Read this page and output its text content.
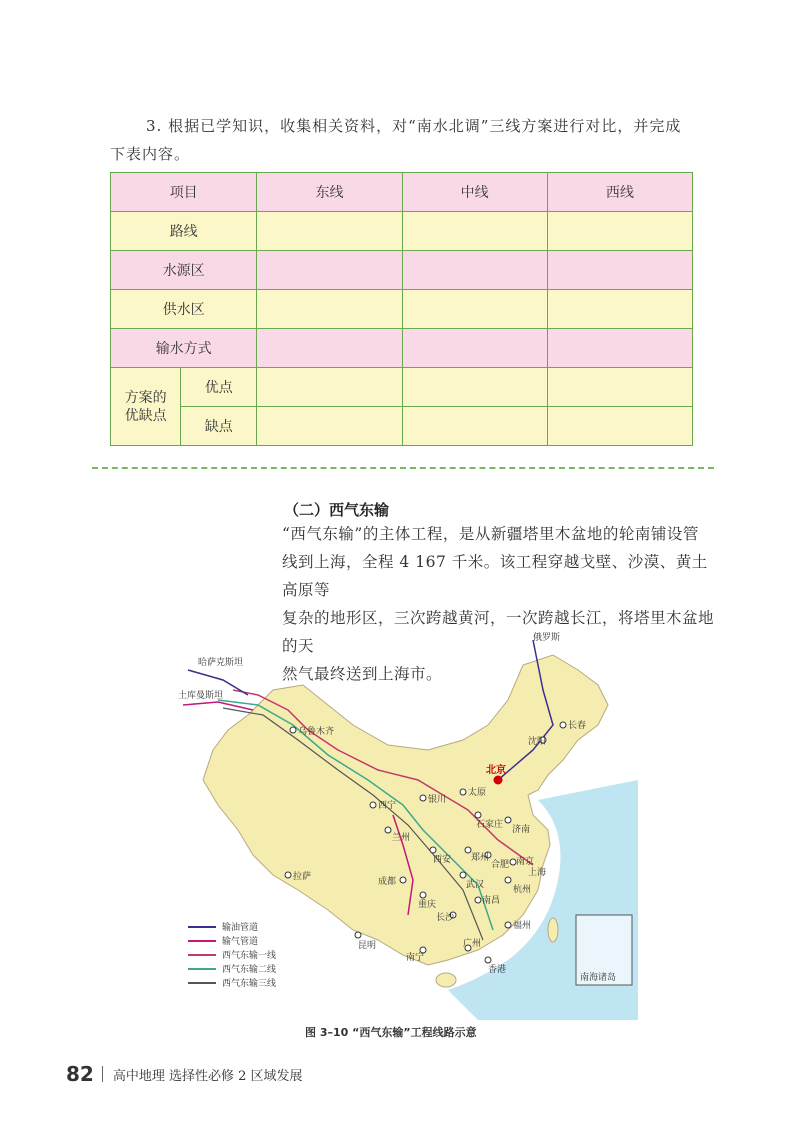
3. 根据已学知识，收集相关资料，对“南水北调”三线方案进行对比，并完成
下表内容。
项目		东线	中线	西线
路线				
水源区				
供水区				
输水方式				
方案的
优缺点	优点			
	缺点			
（二）西气东输
“西气东输”的主体工程，是从新疆塔里木盆地的轮南铺设管
线到上海，全程 4 167 千米。该工程穿越戈壁、沙漠、黄土高原等
复杂的地形区，三次跨越黄河，一次跨越长江，将塔里木盆地的天
然气最终送到上海市。
哈萨克斯坦
土库曼斯坦
俄罗斯
乌鲁木齐
北京
沈阳
长春
银川
太原
石家庄 济南
西宁
兰州
西安 郑州
合肥 南京
上海
杭州
武汉
成都
重庆	南昌
长沙
福州
拉萨
昆明
南宁
广州
香港
南海诸岛
输油管道
输气管道
西气东输一线
西气东输二线
西气东输三线
图 3–10 “西气东输”工程线路示意
82 高中地理 选择性必修 2 区域发展
